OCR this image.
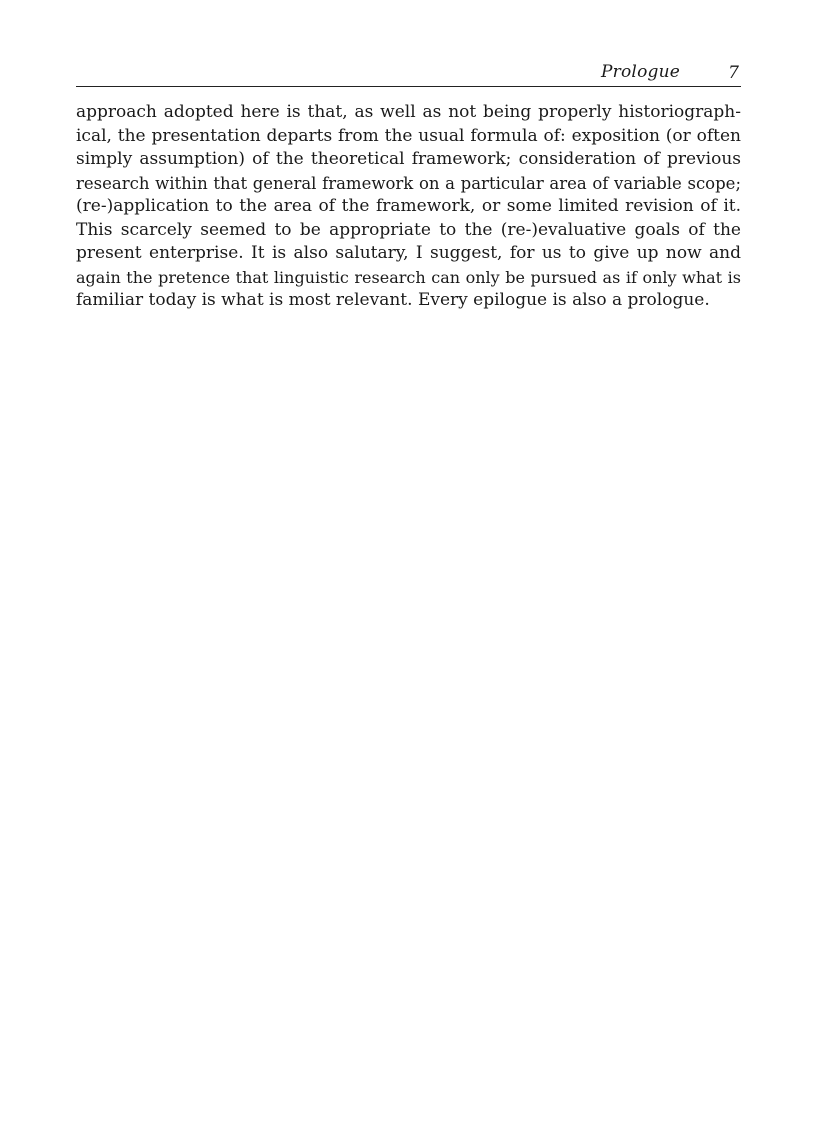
Prologue	7
approach adopted here is that, as well as not being properly historiograph-
ical, the presentation departs from the usual formula of: exposition (or often
simply assumption) of the theoretical framework; consideration of previous
research within that general framework on a particular area of variable scope;
(re-)application to the area of the framework, or some limited revision of it.
This scarcely seemed to be appropriate to the (re-)evaluative goals of the
present enterprise. It is also salutary, I suggest, for us to give up now and
again the pretence that linguistic research can only be pursued as if only what is
familiar today is what is most relevant. Every epilogue is also a prologue.
